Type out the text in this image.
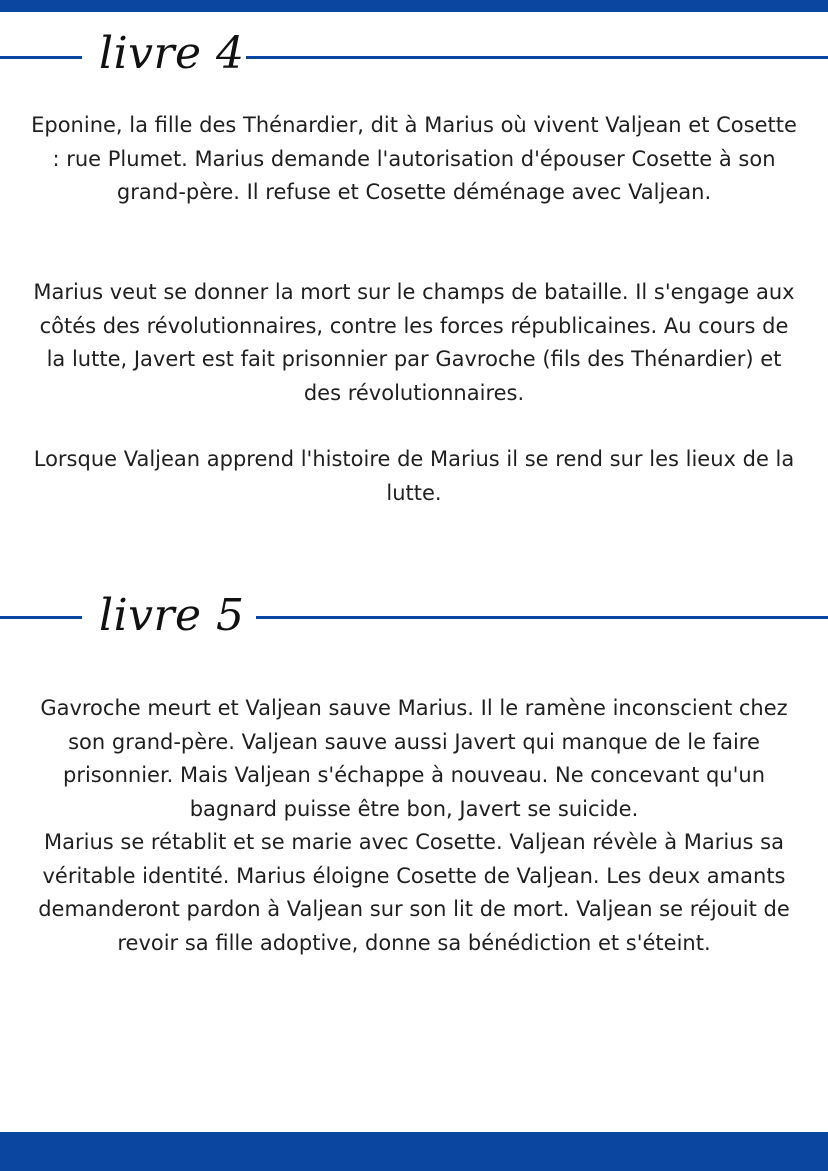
livre 4

Eponine, la fille des Thénardier, dit à Marius où vivent Valjean et Cosette : rue Plumet. Marius demande l'autorisation d'épouser Cosette à son grand-père. Il refuse et Cosette déménage avec Valjean.

Marius veut se donner la mort sur le champs de bataille. Il s'engage aux côtés des révolutionnaires, contre les forces républicaines. Au cours de la lutte, Javert est fait prisonnier par Gavroche (fils des Thénardier) et des révolutionnaires.

Lorsque Valjean apprend l'histoire de Marius il se rend sur les lieux de la lutte.

livre 5

Gavroche meurt et Valjean sauve Marius. Il le ramène inconscient chez son grand-père. Valjean sauve aussi Javert qui manque de le faire prisonnier. Mais Valjean s'échappe à nouveau. Ne concevant qu'un bagnard puisse être bon, Javert se suicide.
Marius se rétablit et se marie avec Cosette. Valjean révèle à Marius sa véritable identité. Marius éloigne Cosette de Valjean. Les deux amants demanderont pardon à Valjean sur son lit de mort. Valjean se réjouit de revoir sa fille adoptive, donne sa bénédiction et s'éteint.
